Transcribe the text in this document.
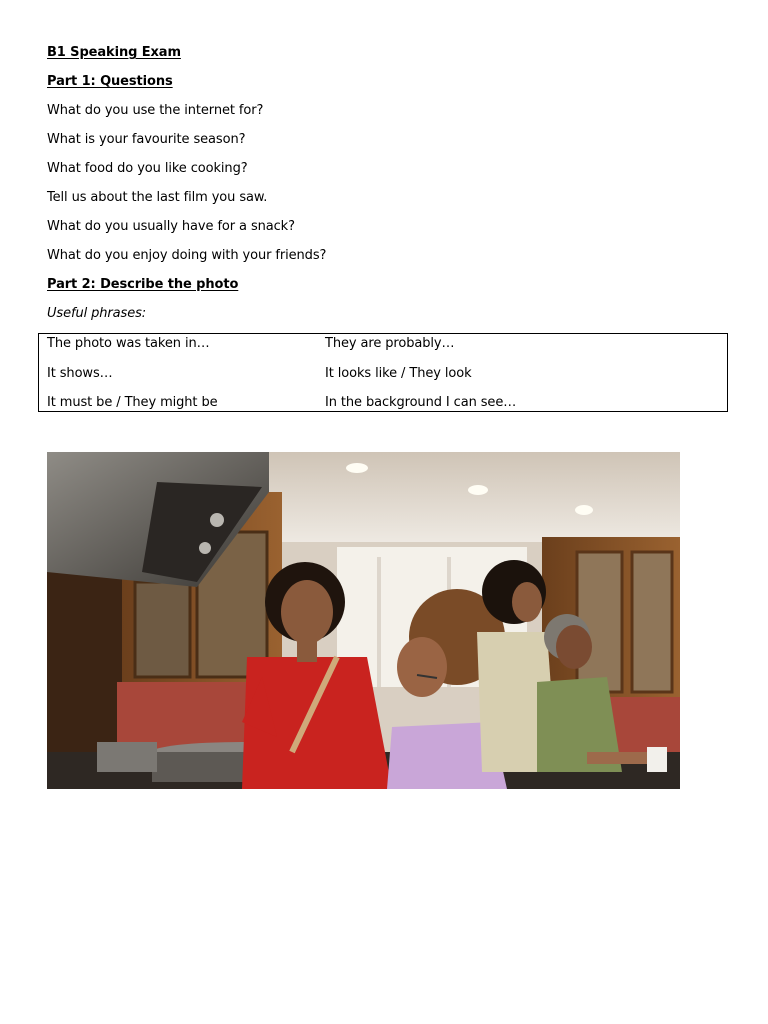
B1 Speaking Exam
Part 1: Questions
What do you use the internet for?
What is your favourite season?
What food do you like cooking?
Tell us about the last film you saw.
What do you usually have for a snack?
What do you enjoy doing with your friends?
Part 2: Describe the photo
Useful phrases:
The photo was taken in…
It shows…
It must be / They might be
They are probably…
It looks like / They look
In the background I can see…
